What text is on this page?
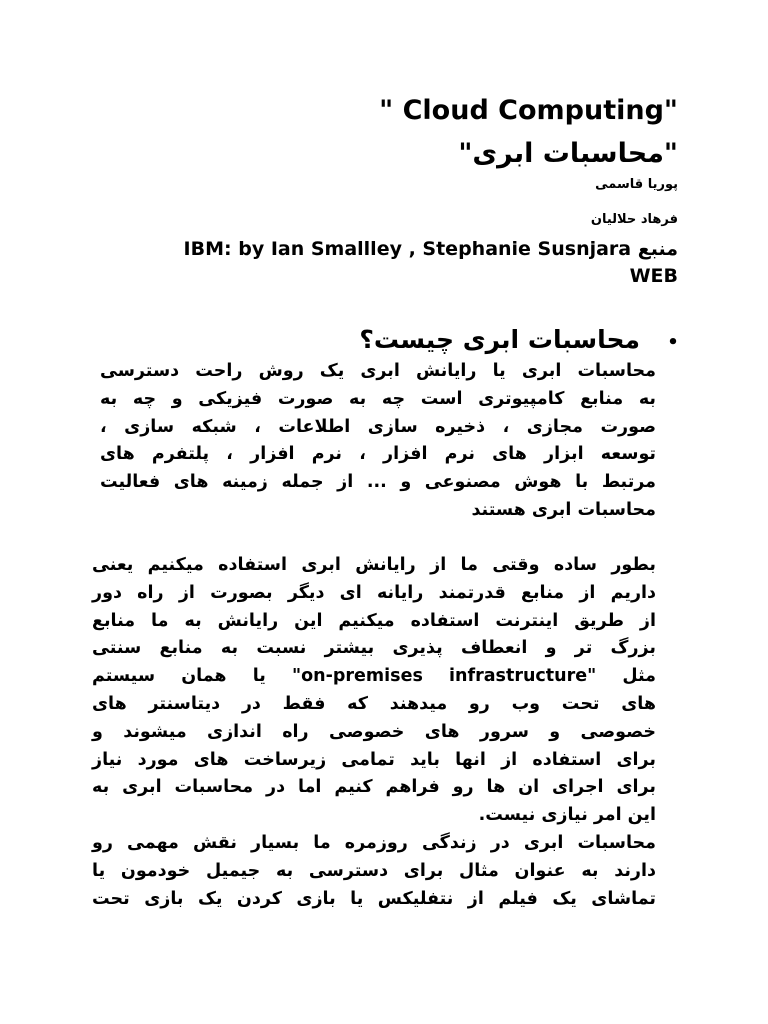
" Cloud Computing"

"محاسبات ابری"

پوریا قاسمی

فرهاد حلالیان

منبع IBM: by Ian Smallley , Stephanie Susnjara
WEB

•محاسبات ابری چیست؟

محاسبات ابری یا رایانش ابری یک روش راحت دسترسی
به منابع کامپیوتری است چه به صورت فیزیکی و چه به
صورت مجازی ، ذخیره سازی اطلاعات ، شبکه سازی ،
توسعه ابزار های نرم افزار ، نرم افزار ، پلتفرم های
مرتبط با هوش مصنوعی و ... از جمله زمینه های فعالیت
محاسبات ابری هستند
بطور ساده وقتی ما از رایانش ابری استفاده میکنیم یعنی
داریم از منابع قدرتمند رایانه ای دیگر بصورت از راه دور
از طریق اینترنت استفاده میکنیم این رایانش به ما منابع
بزرگ تر و انعطاف پذیری بیشتر نسبت به منابع سنتی
مثل "on-premises infrastructure" یا همان سیستم
های تحت وب رو میدهند که فقط در دیتاسنتر های
خصوصی و سرور های خصوصی راه اندازی میشوند و
برای استفاده از انها باید تمامی زیرساخت های مورد نیاز
برای اجرای ان ها رو فراهم کنیم اما در محاسبات ابری به
این امر نیازی نیست.
محاسبات ابری در زندگی روزمره ما بسیار نقش مهمی رو
دارند به عنوان مثال برای دسترسی به جیمیل خودمون یا
تماشای یک فیلم از نتفلیکس یا بازی کردن یک بازی تحت
